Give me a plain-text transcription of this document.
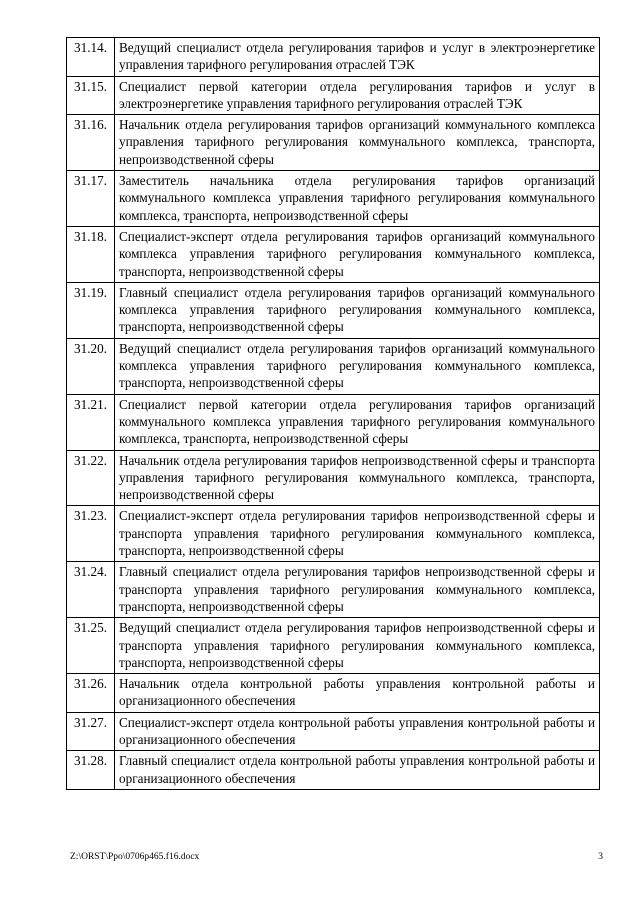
31.14.	Ведущий специалист отдела регулирования тарифов и услуг в электроэнергетике управления тарифного регулирования отраслей ТЭК
31.15.	Специалист первой категории отдела регулирования тарифов и услуг в электроэнергетике управления тарифного регулирования отраслей ТЭК
31.16.	Начальник отдела регулирования тарифов организаций коммунального комплекса управления тарифного регулирования коммунального комплекса, транспорта, непроизводственной сферы
31.17.	Заместитель начальника отдела регулирования тарифов организаций коммунального комплекса управления тарифного регулирования коммунального комплекса, транспорта, непроизводственной сферы
31.18.	Специалист-эксперт отдела регулирования тарифов организаций коммунального комплекса управления тарифного регулирования коммунального комплекса, транспорта, непроизводственной сферы
31.19.	Главный специалист отдела регулирования тарифов организаций коммунального комплекса управления тарифного регулирования коммунального комплекса, транспорта, непроизводственной сферы
31.20.	Ведущий специалист отдела регулирования тарифов организаций коммунального комплекса управления тарифного регулирования коммунального комплекса, транспорта, непроизводственной сферы
31.21.	Специалист первой категории отдела регулирования тарифов организаций коммунального комплекса управления тарифного регулирования коммунального комплекса, транспорта, непроизводственной сферы
31.22.	Начальник отдела регулирования тарифов непроизводственной сферы и транспорта управления тарифного регулирования коммунального комплекса, транспорта, непроизводственной сферы
31.23.	Специалист-эксперт отдела регулирования тарифов непроизводственной сферы и транспорта управления тарифного регулирования коммунального комплекса, транспорта, непроизводственной сферы
31.24.	Главный специалист отдела регулирования тарифов непроизводственной сферы и транспорта управления тарифного регулирования коммунального комплекса, транспорта, непроизводственной сферы
31.25.	Ведущий специалист отдела регулирования тарифов непроизводственной сферы и транспорта управления тарифного регулирования коммунального комплекса, транспорта, непроизводственной сферы
31.26.	Начальник отдела контрольной работы управления контрольной работы и организационного обеспечения
31.27.	Специалист-эксперт отдела контрольной работы управления контрольной работы и организационного обеспечения
31.28.	Главный специалист отдела контрольной работы управления контрольной работы и организационного обеспечения
Z:\ORST\Ppo\0706p465.f16.docx	3
